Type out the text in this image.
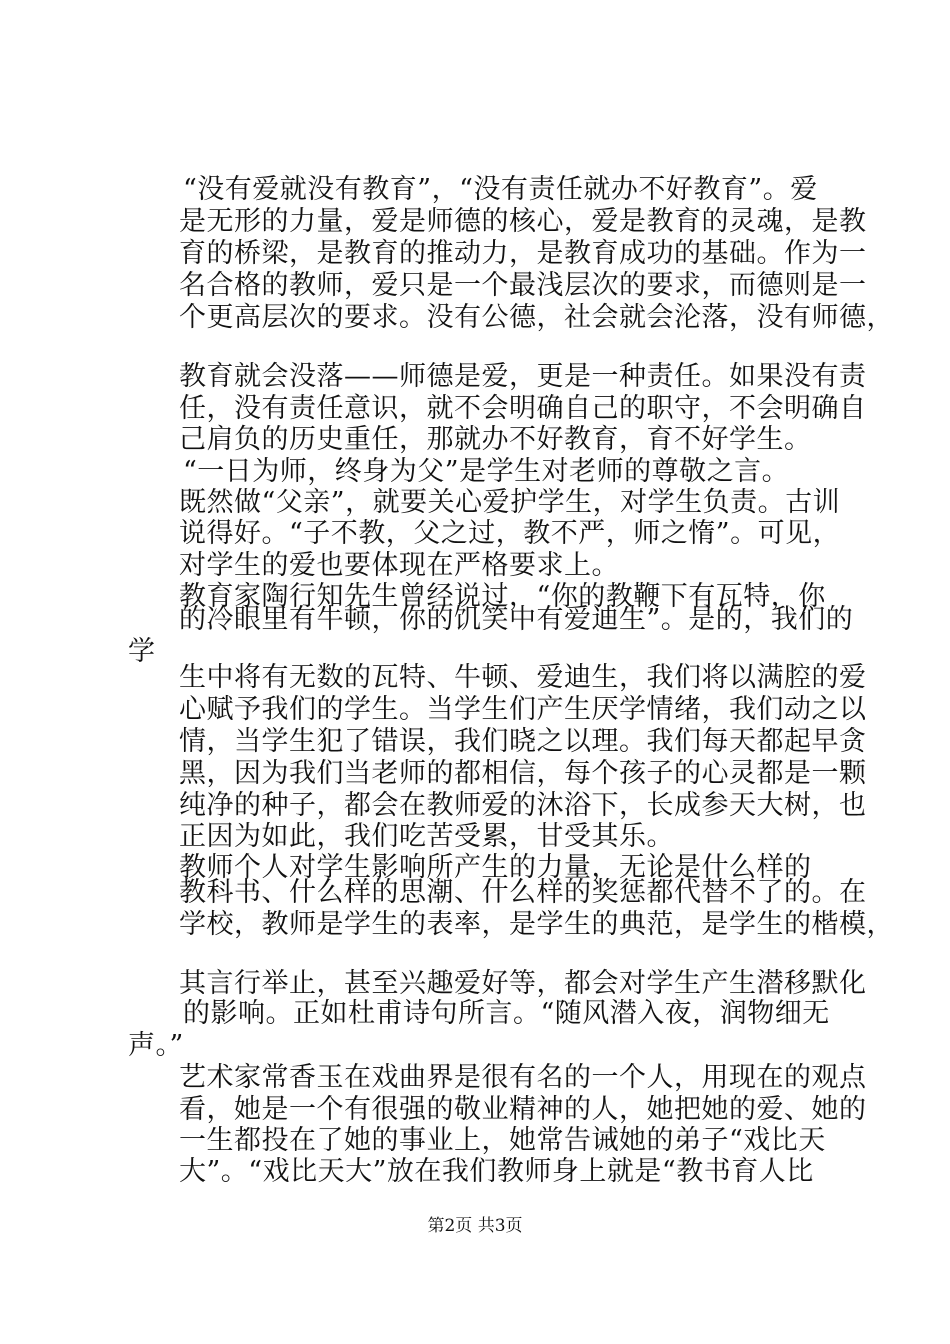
“没有爱就没有教育”，“没有责任就办不好教育”。爱
是无形的力量，爱是师德的核心，爱是教育的灵魂，是教
育的桥梁，是教育的推动力，是教育成功的基础。作为一
名合格的教师，爱只是一个最浅层次的要求，而德则是一
个更高层次的要求。没有公德，社会就会沦落，没有师德，
教育就会没落——师德是爱，更是一种责任。如果没有责
任，没有责任意识，就不会明确自己的职守，不会明确自
己肩负的历史重任，那就办不好教育，育不好学生。
“一日为师，终身为父”是学生对老师的尊敬之言。
既然做“父亲”，就要关心爱护学生，对学生负责。古训
说得好。“子不教，父之过，教不严，师之惰”。可见，
对学生的爱也要体现在严格要求上。
教育家陶行知先生曾经说过，“你的教鞭下有瓦特，你
的冷眼里有牛顿，你的饥笑中有爱迪生”。是的，我们的
学
生中将有无数的瓦特、牛顿、爱迪生，我们将以满腔的爱
心赋予我们的学生。当学生们产生厌学情绪，我们动之以
情，当学生犯了错误，我们晓之以理。我们每天都起早贪
黑，因为我们当老师的都相信，每个孩子的心灵都是一颗
纯净的种子，都会在教师爱的沐浴下，长成参天大树，也
正因为如此，我们吃苦受累，甘受其乐。
教师个人对学生影响所产生的力量，无论是什么样的
教科书、什么样的思潮、什么样的奖惩都代替不了的。在
学校，教师是学生的表率，是学生的典范，是学生的楷模，
其言行举止，甚至兴趣爱好等，都会对学生产生潜移默化
的影响。正如杜甫诗句所言。“随风潜入夜，润物细无
声。”
艺术家常香玉在戏曲界是很有名的一个人，用现在的观点
看，她是一个有很强的敬业精神的人，她把她的爱、她的
一生都投在了她的事业上，她常告诫她的弟子“戏比天
大”。“戏比天大”放在我们教师身上就是“教书育人比
第2页 共3页
